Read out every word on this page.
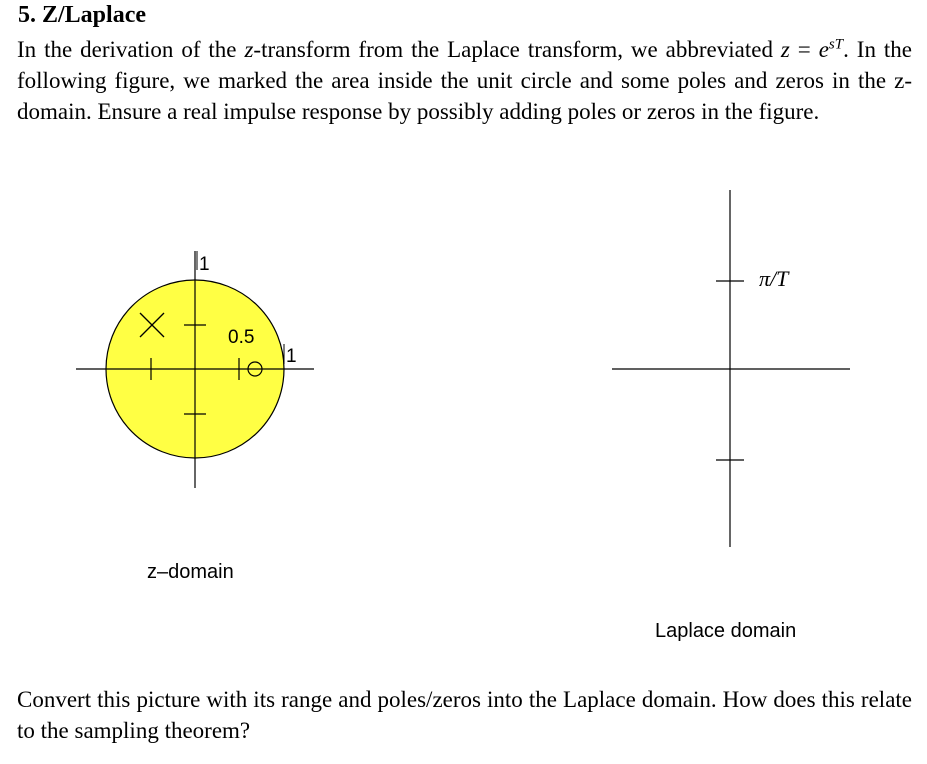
5. Z/Laplace
In the derivation of the z-transform from the Laplace transform, we abbreviated $z = e^{sT}$. In the following figure, we marked the area inside the unit circle and some poles and zeros in the z-domain. Ensure a real impulse response by possibly adding poles or zeros in the figure.
1
1
0.5
z–domain
π/T
Laplace domain
Convert this picture with its range and poles/zeros into the Laplace domain. How does this relate to the sampling theorem?
